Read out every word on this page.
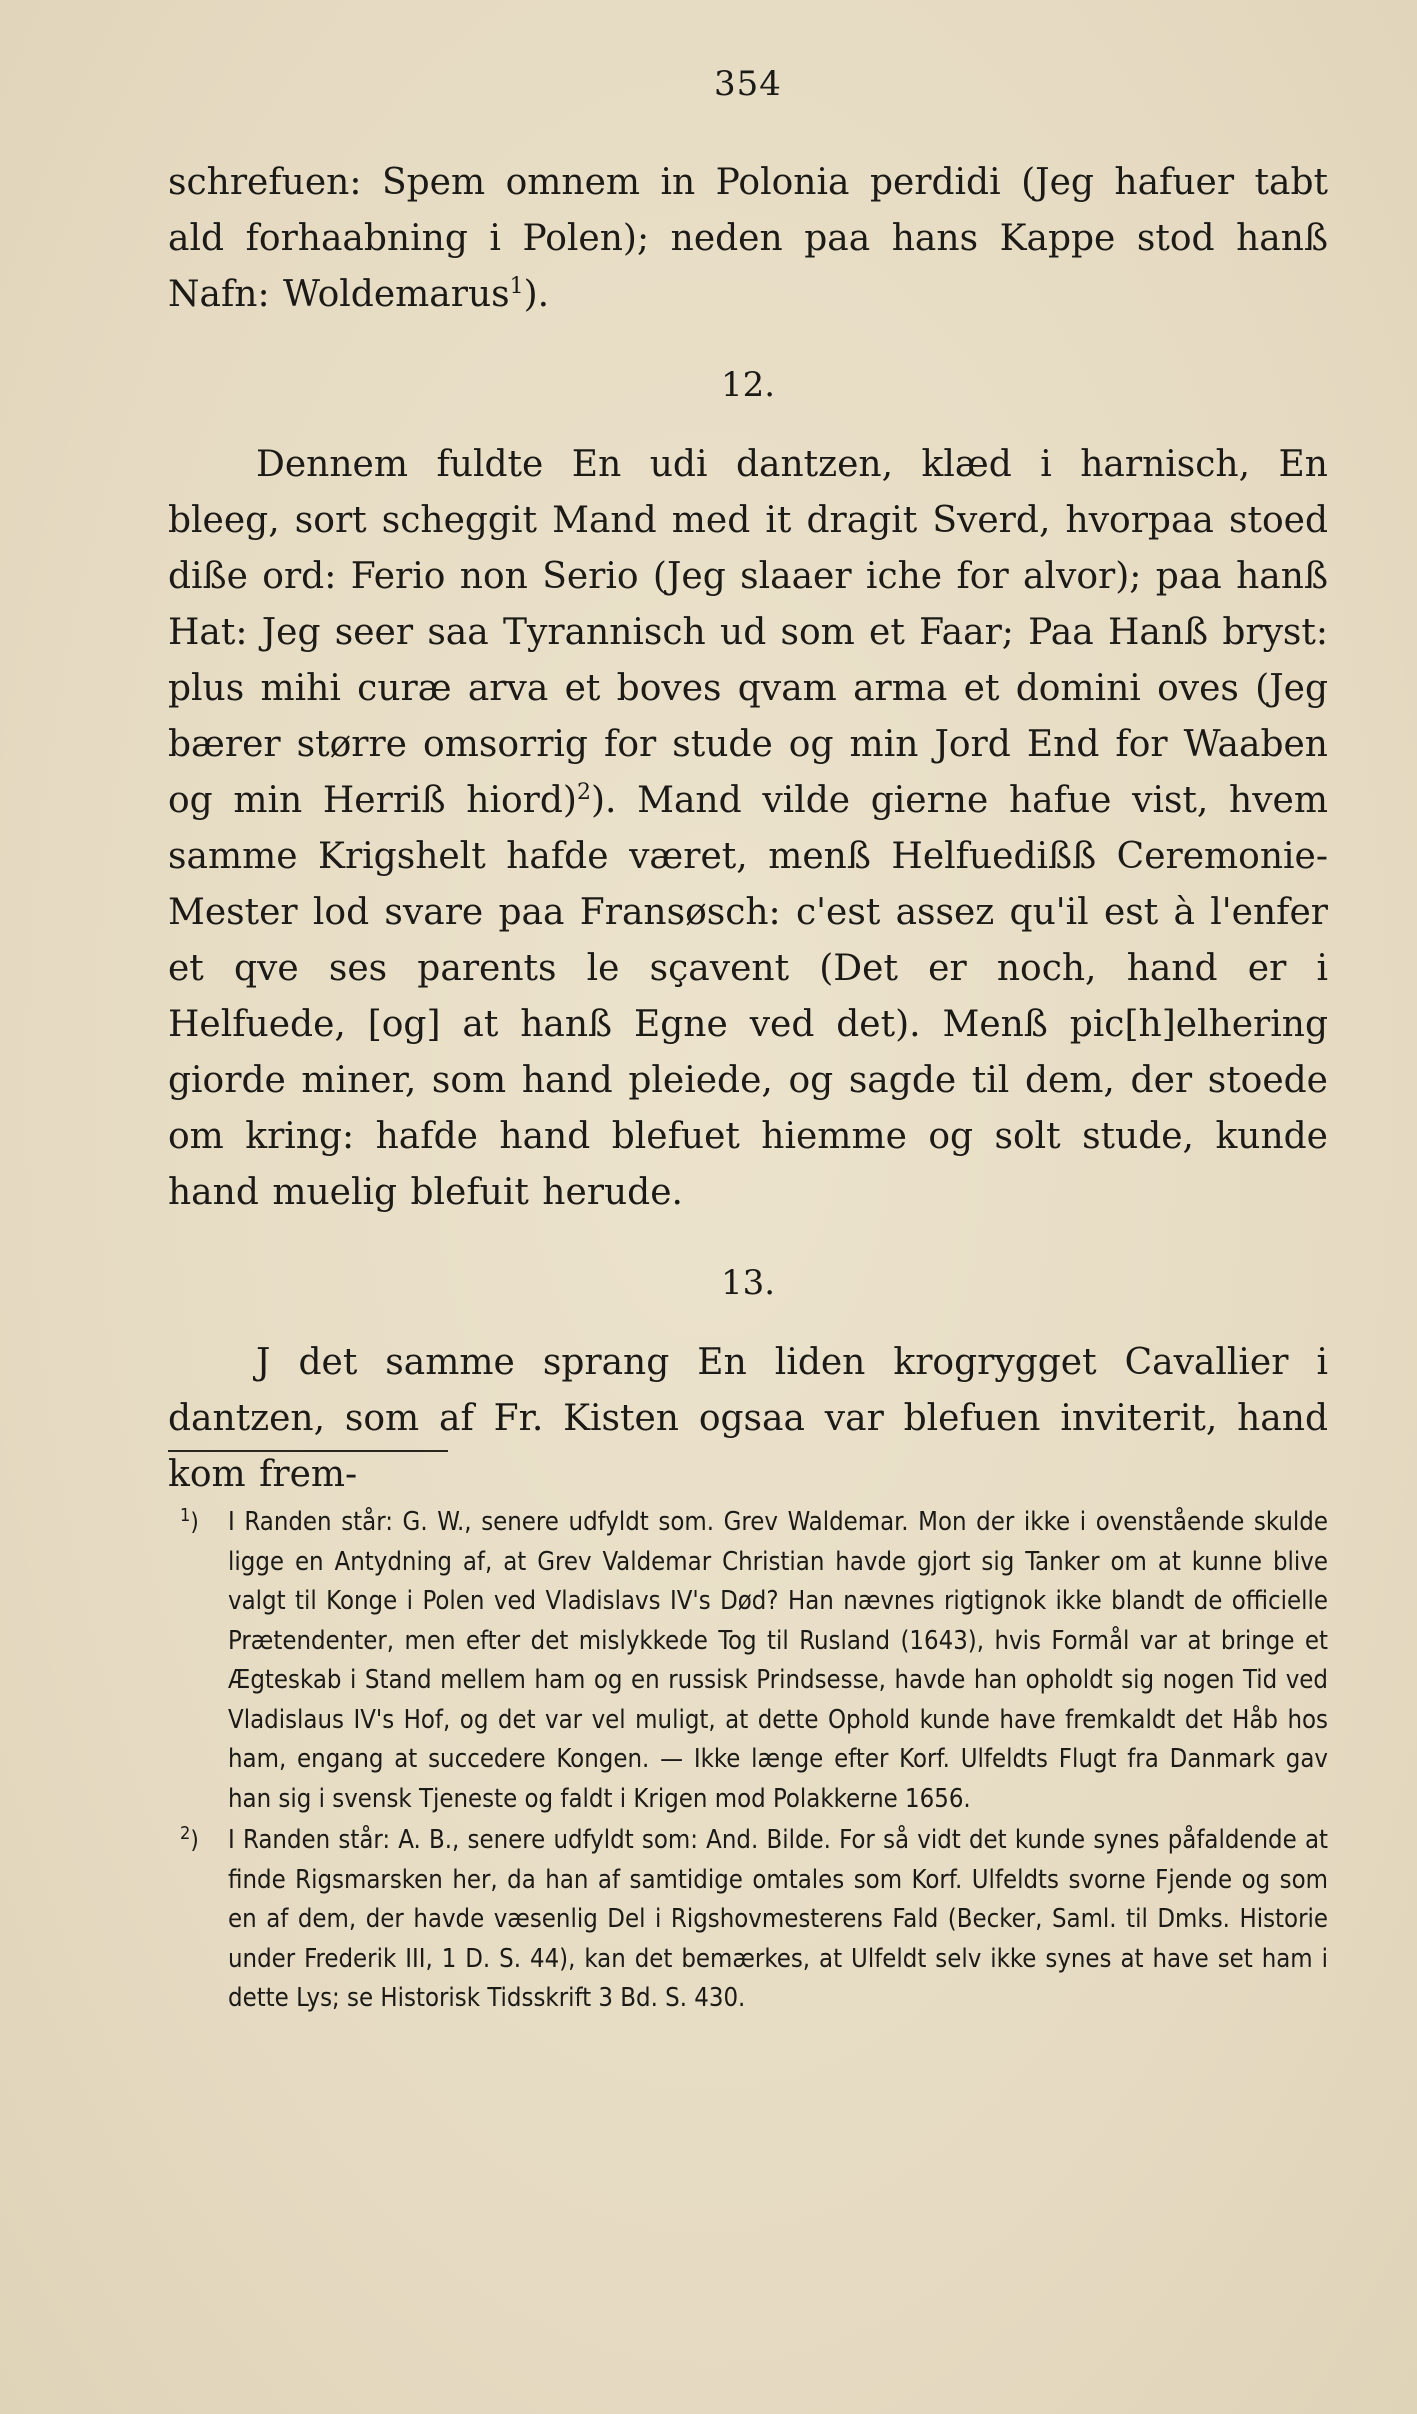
354

schrefuen: Spem omnem in Polonia perdidi (Jeg hafuer tabt ald forhaabning i Polen); neden paa hans Kappe stod hanß Nafn: Woldemarus$^1$).

12.

Dennem fuldte En udi dantzen, klæd i harnisch, En bleeg, sort scheggit Mand med it dragit Sverd, hvorpaa stoed dißе ord: Ferio non Serio (Jeg slaaer iche for alvor); paa hanß Hat: Jeg seer saa Tyrannisch ud som et Faar; Paa Hanß bryst: plus mihi curæ arva et boves qvam arma et domini oves (Jeg bærer større omsorrig for stude og min Jord End for Waaben og min Herriß hiord)$^2$). Mand vilde gierne hafue vist, hvem samme Krigshelt hafde været, menß Helfuedißß Ceremonie-Mester lod svare paa Fransøsch: c'est assez qu'il est à l'enfer et qve ses parents le sçavent (Det er noch, hand er i Helfuede, [og] at hanß Egne ved det). Menß pic[h]elhering giorde miner, som hand pleiede, og sagde til dem, der stoede om kring: hafde hand blefuet hiemme og solt stude, kunde hand muelig blefuit herude.

13.

J det samme sprang En liden krogrygget Cavallier i dantzen, som af Fr. Kisten ogsaa var blefuen inviterit, hand kom frem-

$^1$) I Randen står: G. W., senere udfyldt som. Grev Waldemar. Mon der ikke i ovenstående skulde ligge en Antydning af, at Grev Valdemar Christian havde gjort sig Tanker om at kunne blive valgt til Konge i Polen ved Vladislavs IV's Død? Han nævnes rigtignok ikke blandt de officielle Prætendenter, men efter det mislykkede Tog til Rusland (1643), hvis Formål var at bringe et Ægteskab i Stand mellem ham og en russisk Prindsesse, havde han opholdt sig nogen Tid ved Vladislaus IV's Hof, og det var vel muligt, at dette Ophold kunde have fremkaldt det Håb hos ham, engang at succedere Kongen. — Ikke længe efter Korf. Ulfeldts Flugt fra Danmark gav han sig i svensk Tjeneste og faldt i Krigen mod Polakkerne 1656.
$^2$) I Randen står: A. B., senere udfyldt som: And. Bilde. For så vidt det kunde synes påfaldende at finde Rigsmarsken her, da han af samtidige omtales som Korf. Ulfeldts svorne Fjende og som en af dem, der havde væsenlig Del i Rigshovmesterens Fald (Becker, Saml. til Dmks. Historie under Frederik III, 1 D. S. 44), kan det bemærkes, at Ulfeldt selv ikke synes at have set ham i dette Lys; se Historisk Tidsskrift 3 Bd. S. 430.
